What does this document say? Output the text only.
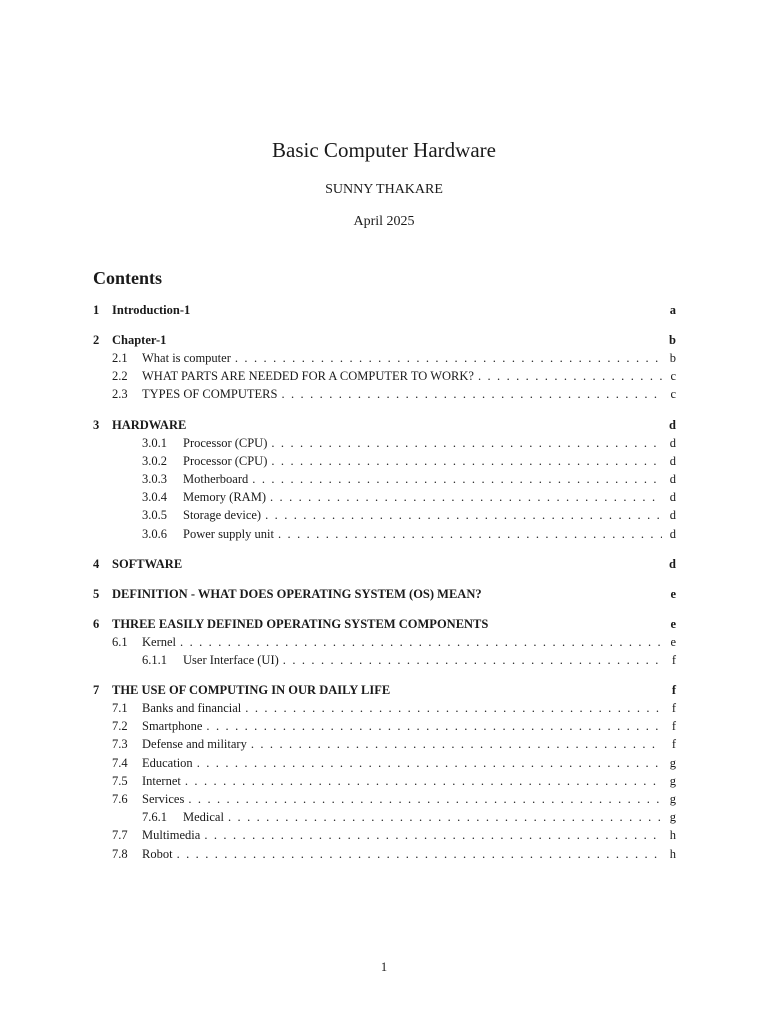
Basic Computer Hardware
SUNNY THAKARE
April 2025
Contents
1	Introduction-1	a
2	Chapter-1	b
2.1	What is computer . . .	b
2.2	WHAT PARTS ARE NEEDED FOR A COMPUTER TO WORK? . . .	c
2.3	TYPES OF COMPUTERS . . .	c
3	HARDWARE	d
3.0.1	Processor (CPU) . . .	d
3.0.2	Processor (CPU) . . .	d
3.0.3	Motherboard . . .	d
3.0.4	Memory (RAM) . . .	d
3.0.5	Storage device) . . .	d
3.0.6	Power supply unit . . .	d
4	SOFTWARE	d
5	DEFINITION - WHAT DOES OPERATING SYSTEM (OS) MEAN?	e
6	THREE EASILY DEFINED OPERATING SYSTEM COMPONENTS	e
6.1	Kernel . . .	e
6.1.1	User Interface (UI) . . .	f
7	THE USE OF COMPUTING IN OUR DAILY LIFE	f
7.1	Banks and financial . . .	f
7.2	Smartphone . . .	f
7.3	Defense and military . . .	f
7.4	Education . . .	g
7.5	Internet . . .	g
7.6	Services . . .	g
7.6.1	Medical . . .	g
7.7	Multimedia . . .	h
7.8	Robot . . .	h
1
